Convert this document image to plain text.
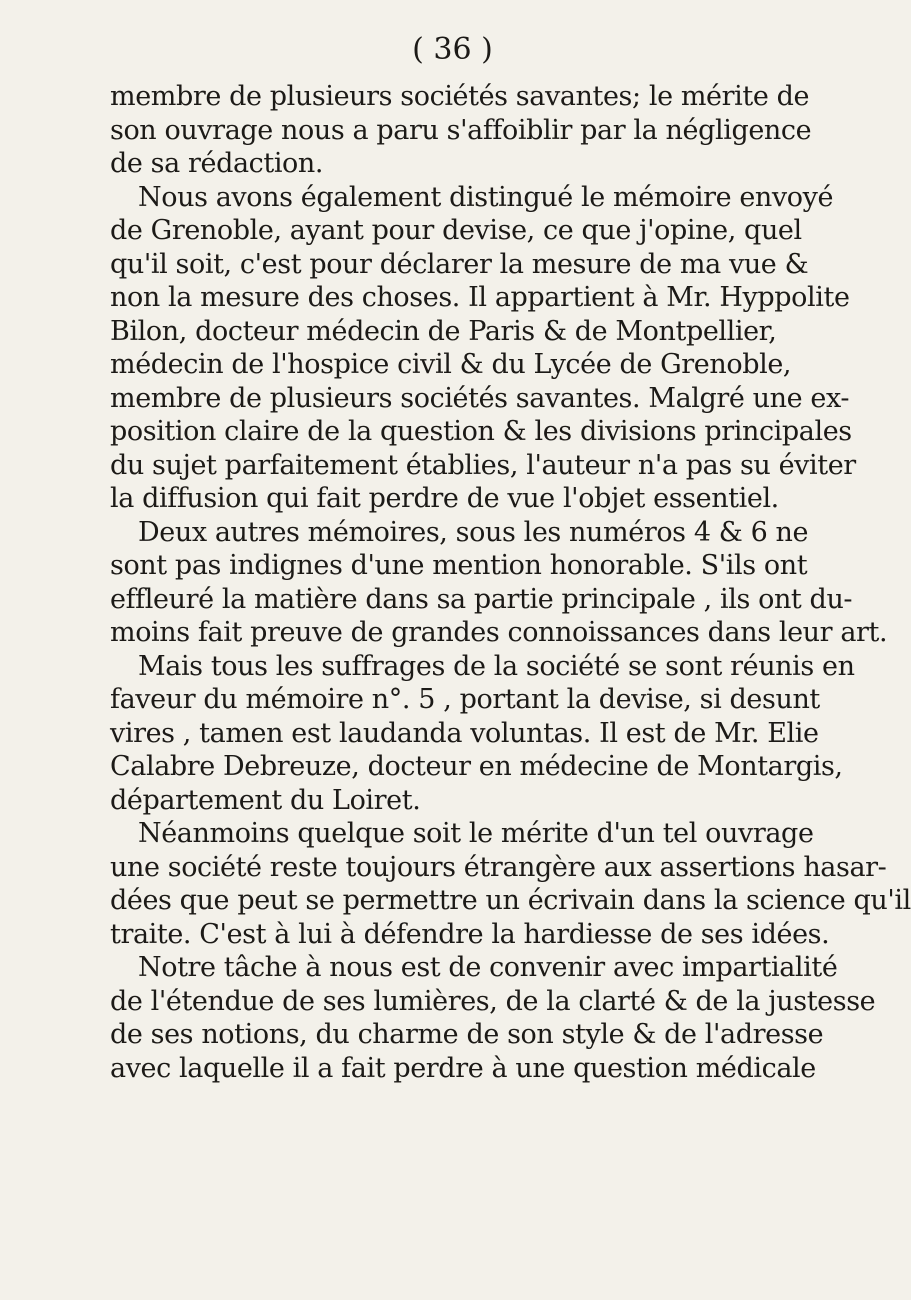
( 36 )
membre de plusieurs sociétés savantes; le mérite de
son ouvrage nous a paru s'affoiblir par la négligence
de sa rédaction.
Nous avons également distingué le mémoire envoyé
de Grenoble, ayant pour devise, ce que j'opine, quel
qu'il soit, c'est pour déclarer la mesure de ma vue &
non la mesure des choses. Il appartient à Mr. Hyppolite
Bilon, docteur médecin de Paris & de Montpellier,
médecin de l'hospice civil & du Lycée de Grenoble,
membre de plusieurs sociétés savantes. Malgré une ex-
position claire de la question & les divisions principales
du sujet parfaitement établies, l'auteur n'a pas su éviter
la diffusion qui fait perdre de vue l'objet essentiel.
Deux autres mémoires, sous les numéros 4 & 6 ne
sont pas indignes d'une mention honorable. S'ils ont
effleuré la matière dans sa partie principale , ils ont du-
moins fait preuve de grandes connoissances dans leur art.
Mais tous les suffrages de la société se sont réunis en
faveur du mémoire n°. 5 , portant la devise, si desunt
vires , tamen est laudanda voluntas. Il est de Mr. Elie
Calabre Debreuze, docteur en médecine de Montargis,
département du Loiret.
Néanmoins quelque soit le mérite d'un tel ouvrage
une société reste toujours étrangère aux assertions hasar-
dées que peut se permettre un écrivain dans la science qu'il
traite. C'est à lui à défendre la hardiesse de ses idées.
Notre tâche à nous est de convenir avec impartialité
de l'étendue de ses lumières, de la clarté & de la justesse
de ses notions, du charme de son style & de l'adresse
avec laquelle il a fait perdre à une question médicale
